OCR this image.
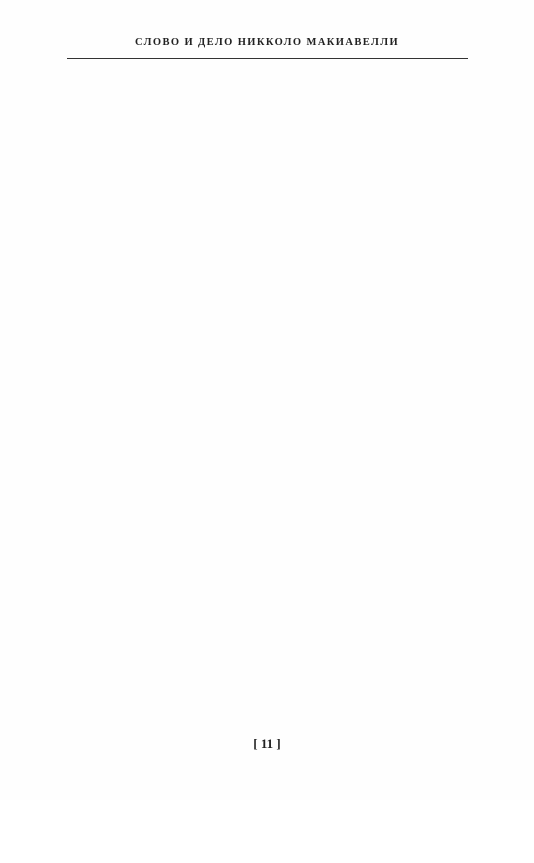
СЛОВО И ДЕЛО НИККОЛО МАКИАВЕЛЛИ
[ 11 ]
